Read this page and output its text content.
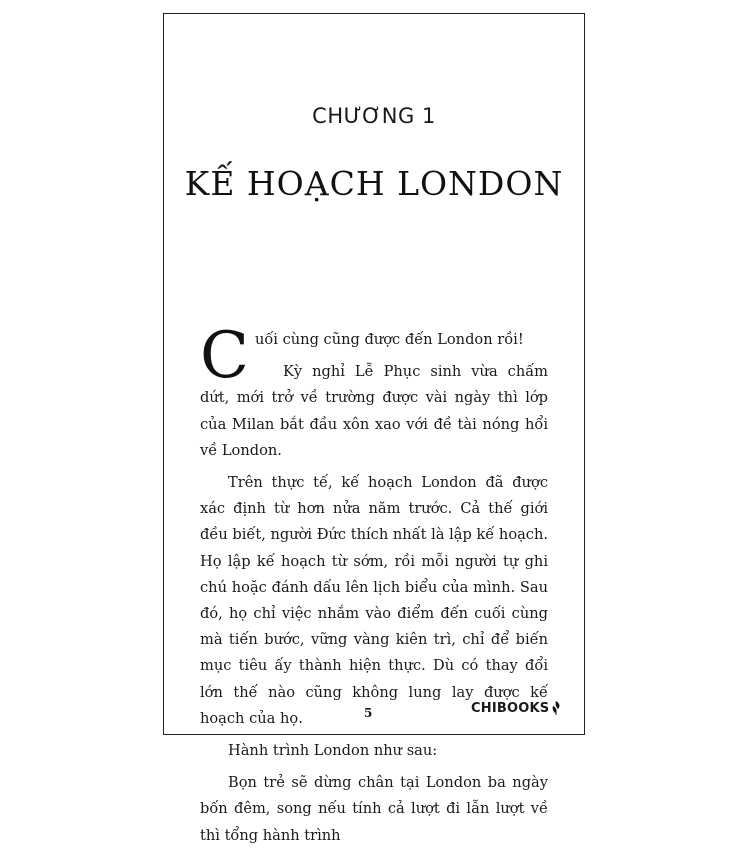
CHƯƠNG 1
KẾ HOẠCH LONDON

Cuối cùng cũng được đến London rồi!

Kỳ nghỉ Lễ Phục sinh vừa chấm dứt, mới trở về trường được vài ngày thì lớp của Milan bắt đầu xôn xao với đề tài nóng hổi về London.

Trên thực tế, kế hoạch London đã được xác định từ hơn nửa năm trước. Cả thế giới đều biết, người Đức thích nhất là lập kế hoạch. Họ lập kế hoạch từ sớm, rồi mỗi người tự ghi chú hoặc đánh dấu lên lịch biểu của mình. Sau đó, họ chỉ việc nhắm vào điểm đến cuối cùng mà tiến bước, vững vàng kiên trì, chỉ để biến mục tiêu ấy thành hiện thực. Dù có thay đổi lớn thế nào cũng không lung lay được kế hoạch của họ.

Hành trình London như sau:

Bọn trẻ sẽ dừng chân tại London ba ngày bốn đêm, song nếu tính cả lượt đi lẫn lượt về thì tổng hành trình

5	CHIBOOKS
